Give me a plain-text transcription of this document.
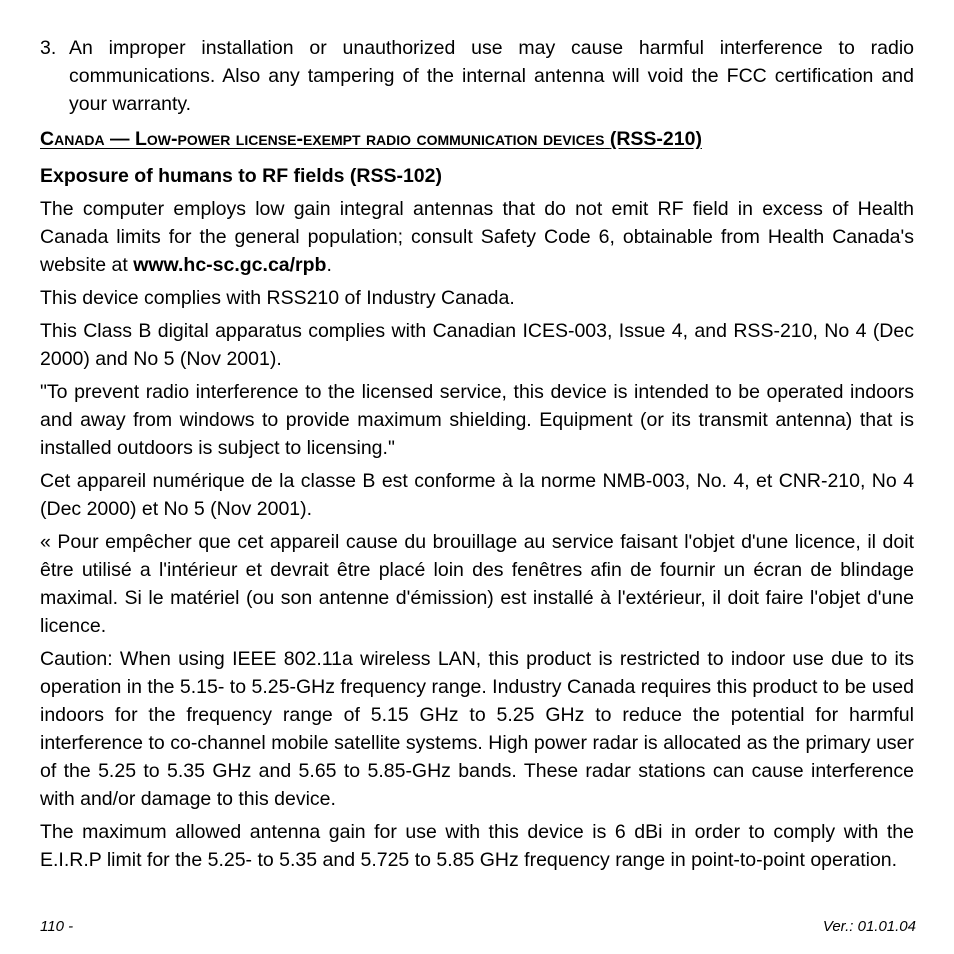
3. An improper installation or unauthorized use may cause harmful interference to radio communications. Also any tampering of the internal antenna will void the FCC certification and your warranty.
Canada — Low-power license-exempt radio communication devices (RSS-210)
Exposure of humans to RF fields (RSS-102)

The computer employs low gain integral antennas that do not emit RF field in excess of Health Canada limits for the general population; consult Safety Code 6, obtainable from Health Canada's website at www.hc-sc.gc.ca/rpb.

This device complies with RSS210 of Industry Canada.

This Class B digital apparatus complies with Canadian ICES-003, Issue 4, and RSS-210, No 4 (Dec 2000) and No 5 (Nov 2001).

"To prevent radio interference to the licensed service, this device is intended to be operated indoors and away from windows to provide maximum shielding. Equipment (or its transmit antenna) that is installed outdoors is subject to licensing."

Cet appareil numérique de la classe B est conforme à la norme NMB-003, No. 4, et CNR-210, No 4 (Dec 2000) et No 5 (Nov 2001).

« Pour empêcher que cet appareil cause du brouillage au service faisant l'objet d'une licence, il doit être utilisé a l'intérieur et devrait être placé loin des fenêtres afin de fournir un écran de blindage maximal. Si le matériel (ou son antenne d'émission) est installé à l'extérieur, il doit faire l'objet d'une licence.

Caution: When using IEEE 802.11a wireless LAN, this product is restricted to indoor use due to its operation in the 5.15- to 5.25-GHz frequency range. Industry Canada requires this product to be used indoors for the frequency range of 5.15 GHz to 5.25 GHz to reduce the potential for harmful interference to co-channel mobile satellite systems. High power radar is allocated as the primary user of the 5.25 to 5.35 GHz and 5.65 to 5.85-GHz bands. These radar stations can cause interference with and/or damage to this device.

The maximum allowed antenna gain for use with this device is 6 dBi in order to comply with the E.I.R.P limit for the 5.25- to 5.35 and 5.725 to 5.85 GHz frequency range in point-to-point operation.

110 -	Ver.: 01.01.04
